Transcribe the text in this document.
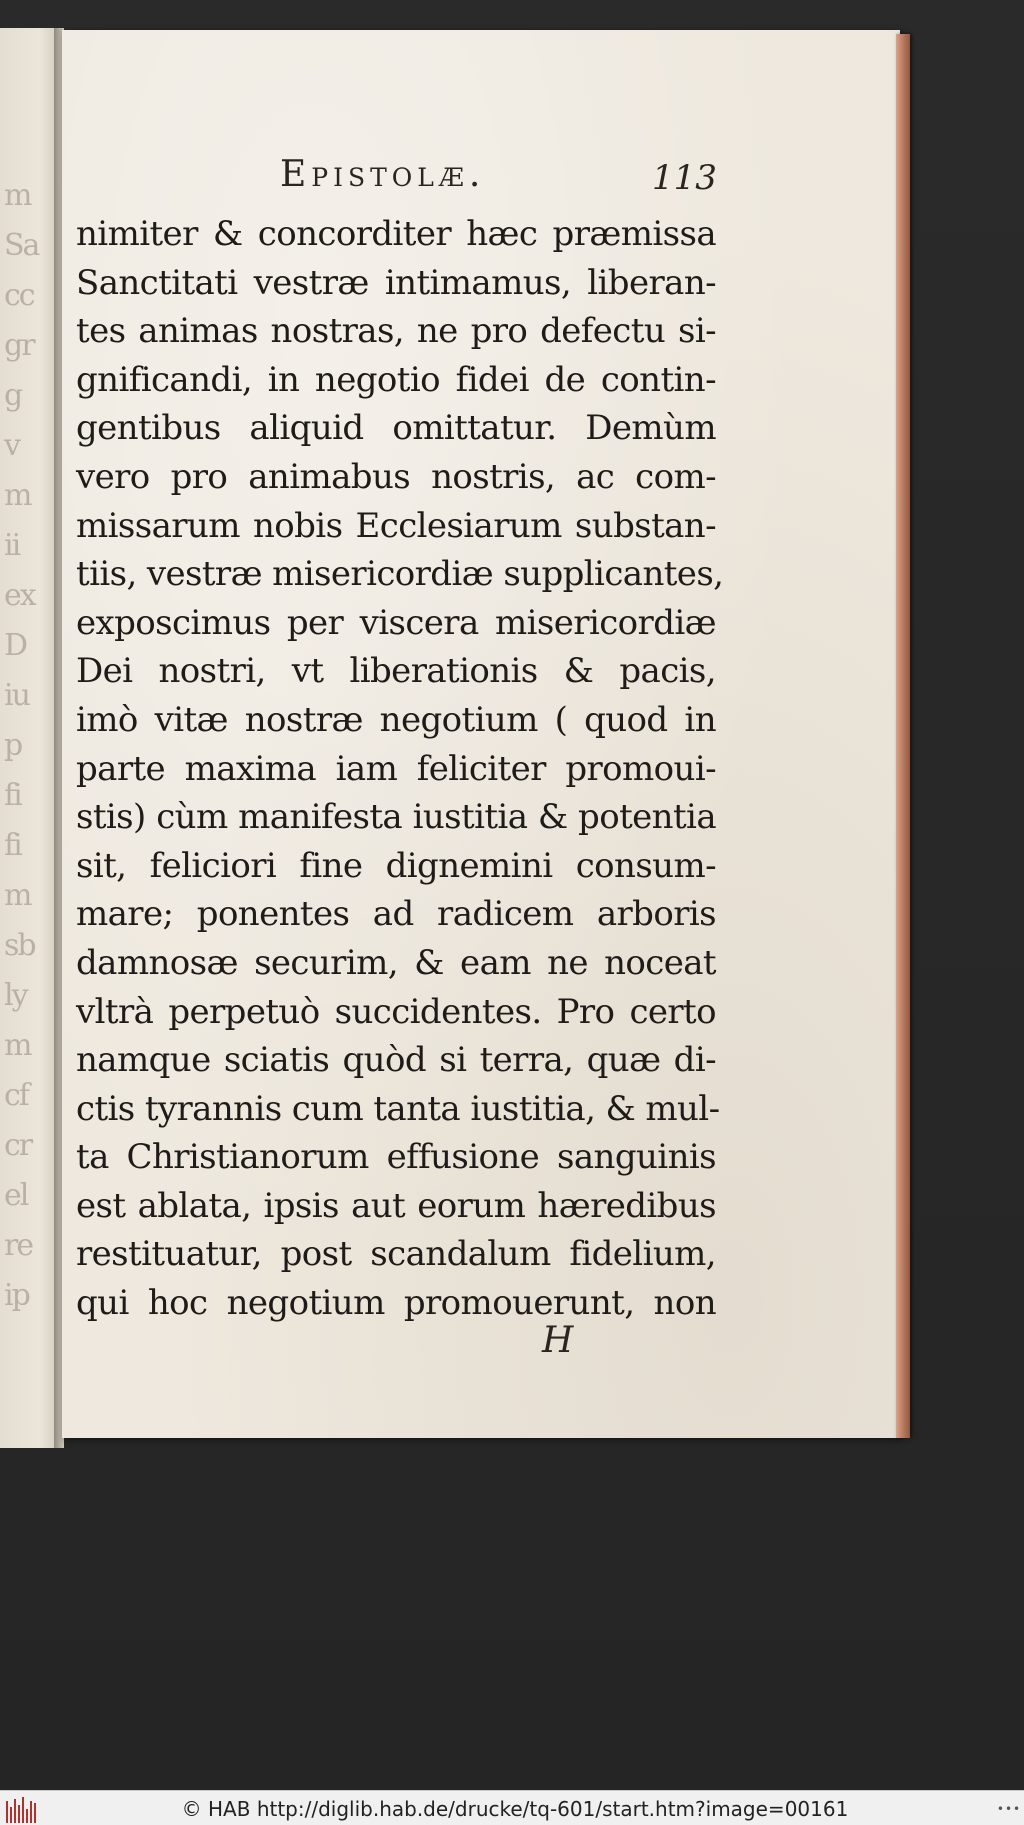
m
Sa
cc
gr
g
v
m
ii
ex
D
iu
p
fi
fi
m
sb
ly
m
cf
cr
el
re
ip
Epistolæ.	113
nimiter & concorditer hæc præmissa
Sanctitati vestræ intimamus, liberan-
tes animas nostras, ne pro defectu si-
gnificandi, in negotio fidei de contin-
gentibus aliquid omittatur. Demùm
vero pro animabus nostris, ac com-
missarum nobis Ecclesiarum substan-
tiis, vestræ misericordiæ supplicantes,
exposcimus per viscera misericordiæ
Dei nostri, vt liberationis & pacis,
imò vitæ nostræ negotium ( quod in
parte maxima iam feliciter promoui-
stis) cùm manifesta iustitia & potentia
sit, feliciori fine dignemini consum-
mare; ponentes ad radicem arboris
damnosæ securim, & eam ne noceat
vltrà perpetuò succidentes. Pro certo
namque sciatis quòd si terra, quæ di-
ctis tyrannis cum tanta iustitia, & mul-
ta Christianorum effusione sanguinis
est ablata, ipsis aut eorum hæredibus
restituatur, post scandalum fidelium,
qui hoc negotium promouerunt, non
H
© HAB http://diglib.hab.de/drucke/tq-601/start.htm?image=00161	•••
